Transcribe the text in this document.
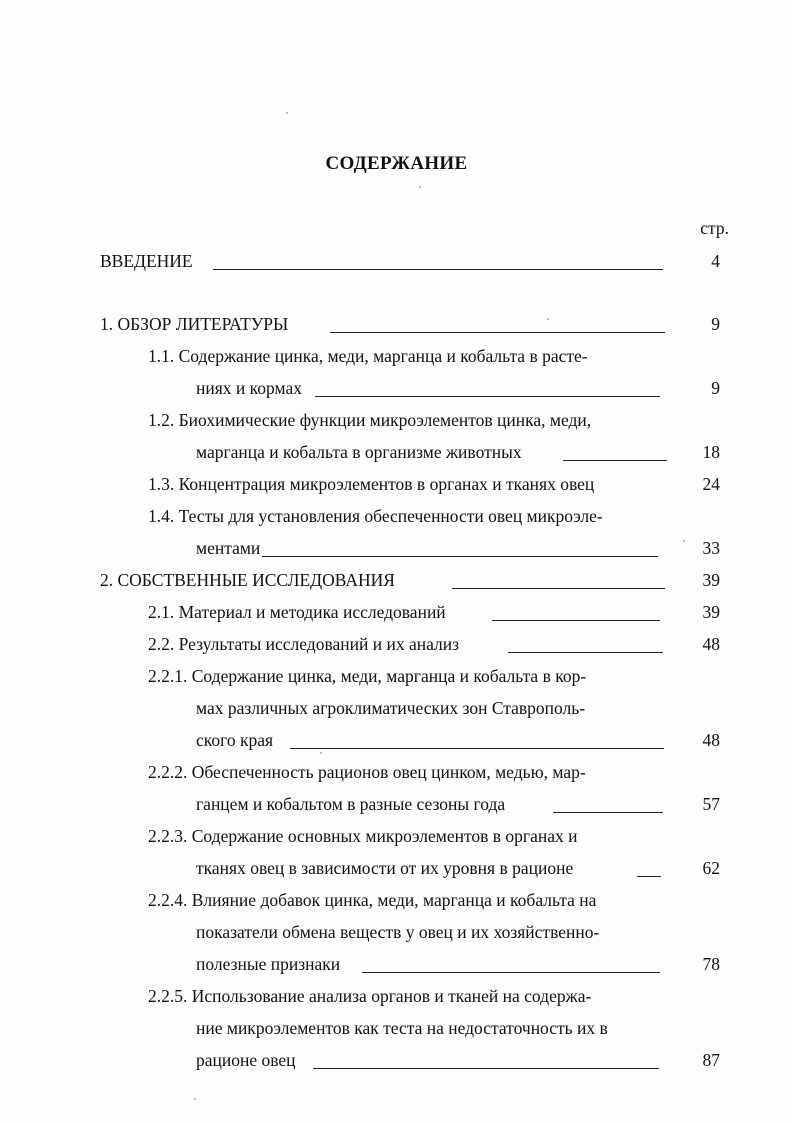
СОДЕРЖАНИЕ
стр.
ВВЕДЕНИЕ	4
1. ОБЗОР ЛИТЕРАТУРЫ	9
1.1. Содержание цинка, меди, марганца и кобальта в расте-
ниях и кормах	9
1.2. Биохимические функции микроэлементов цинка, меди,
марганца и кобальта в организме животных	18
1.3. Концентрация микроэлементов в органах и тканях овец	24
1.4. Тесты для установления обеспеченности овец микроэле-
ментами	33
2. СОБСТВЕННЫЕ ИССЛЕДОВАНИЯ	39
2.1. Материал и методика исследований	39
2.2. Результаты исследований и их анализ	48
2.2.1. Содержание цинка, меди, марганца и кобальта в кор-
мах различных агроклиматических зон Ставрополь-
ского края	48
2.2.2. Обеспеченность рационов овец цинком, медью, мар-
ганцем и кобальтом в разные сезоны года	57
2.2.3. Содержание основных микроэлементов в органах и
тканях овец в зависимости от их уровня в рационе	62
2.2.4. Влияние добавок цинка, меди, марганца и кобальта на
показатели обмена веществ у овец и их хозяйственно-
полезные признаки	78
2.2.5. Использование анализа органов и тканей на содержа-
ние микроэлементов как теста на недостаточность их в
рационе овец	87
